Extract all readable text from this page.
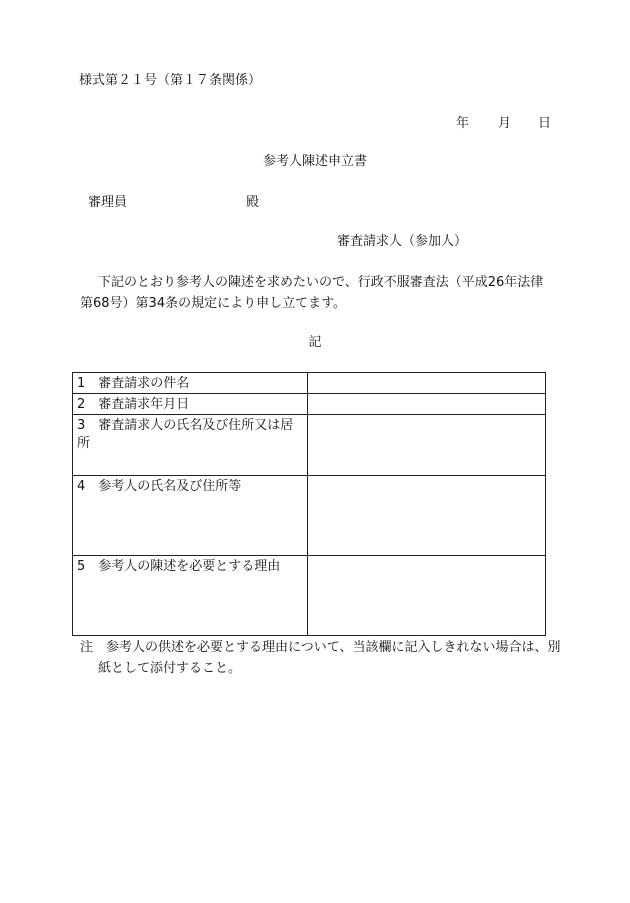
様式第２１号（第１７条関係）
年 月 日
参考人陳述申立書
審理員	殿
審査請求人（参加人）
下記のとおり参考人の陳述を求めたいので、行政不服審査法（平成26年法律第68号）第34条の規定により申し立てます。
記
1　審査請求の件名	
2　審査請求年月日	
3　審査請求人の氏名及び住所又は居所	
4　参考人の氏名及び住所等	
5　参考人の陳述を必要とする理由	
注　参考人の供述を必要とする理由について、当該欄に記入しきれない場合は、別紙として添付すること。
